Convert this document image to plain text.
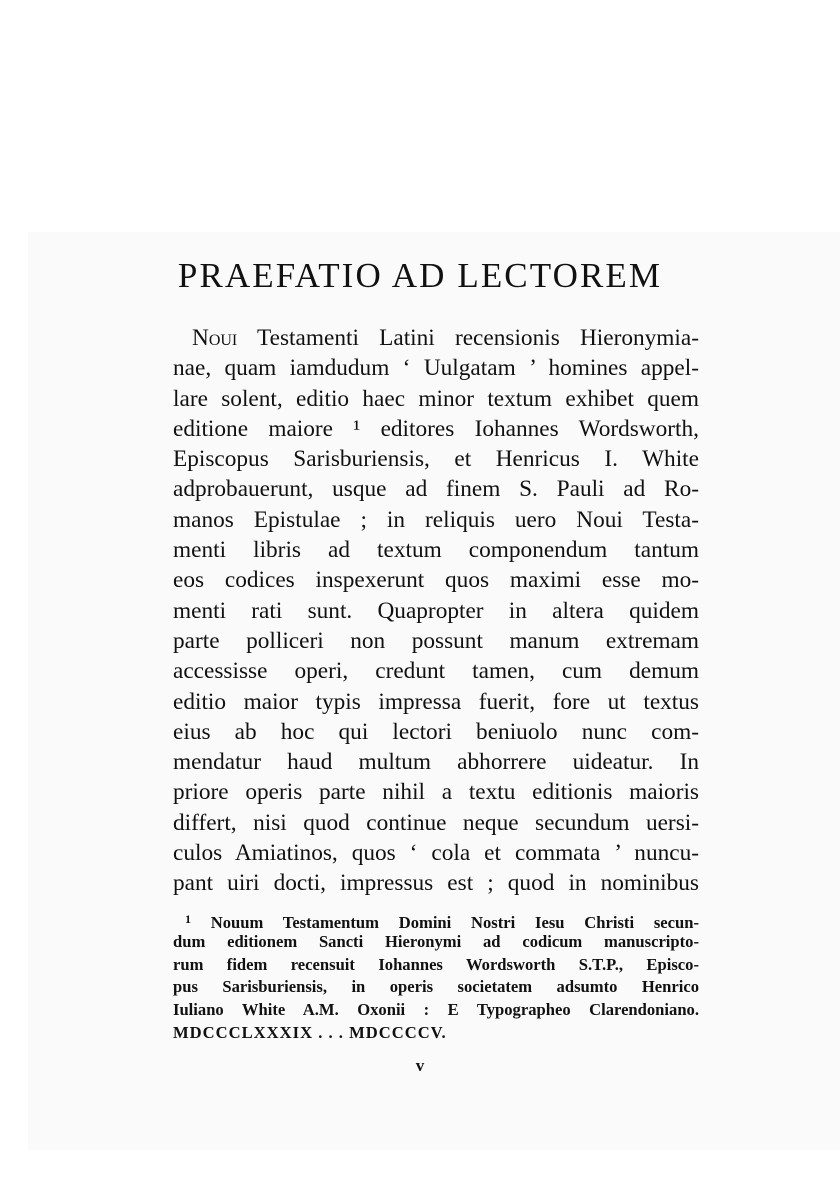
PRAEFATIO AD LECTOREM
Noui Testamenti Latini recensionis Hieronymia-
nae, quam iamdudum ‘ Uulgatam ’ homines appel-
lare solent, editio haec minor textum exhibet quem
editione maiore ¹ editores Iohannes Wordsworth,
Episcopus Sarisburiensis, et Henricus I. White
adprobauerunt, usque ad finem S. Pauli ad Ro-
manos Epistulae ; in reliquis uero Noui Testa-
menti libris ad textum componendum tantum
eos codices inspexerunt quos maximi esse mo-
menti rati sunt. Quapropter in altera quidem
parte polliceri non possunt manum extremam
accessisse operi, credunt tamen, cum demum
editio maior typis impressa fuerit, fore ut textus
eius ab hoc qui lectori beniuolo nunc com-
mendatur haud multum abhorrere uideatur. In
priore operis parte nihil a textu editionis maioris
differt, nisi quod continue neque secundum uersi-
culos Amiatinos, quos ‘ cola et commata ’ nuncu-
pant uiri docti, impressus est ; quod in nominibus
$^1$ Nouum Testamentum Domini Nostri Iesu Christi secun-
dum editionem Sancti Hieronymi ad codicum manuscripto-
rum fidem recensuit Iohannes Wordsworth S.T.P., Episco-
pus Sarisburiensis, in operis societatem adsumto Henrico
Iuliano White A.M. Oxonii : E Typographeo Clarendoniano.
MDCCCLXXXIX . . . MDCCCCV.
v
